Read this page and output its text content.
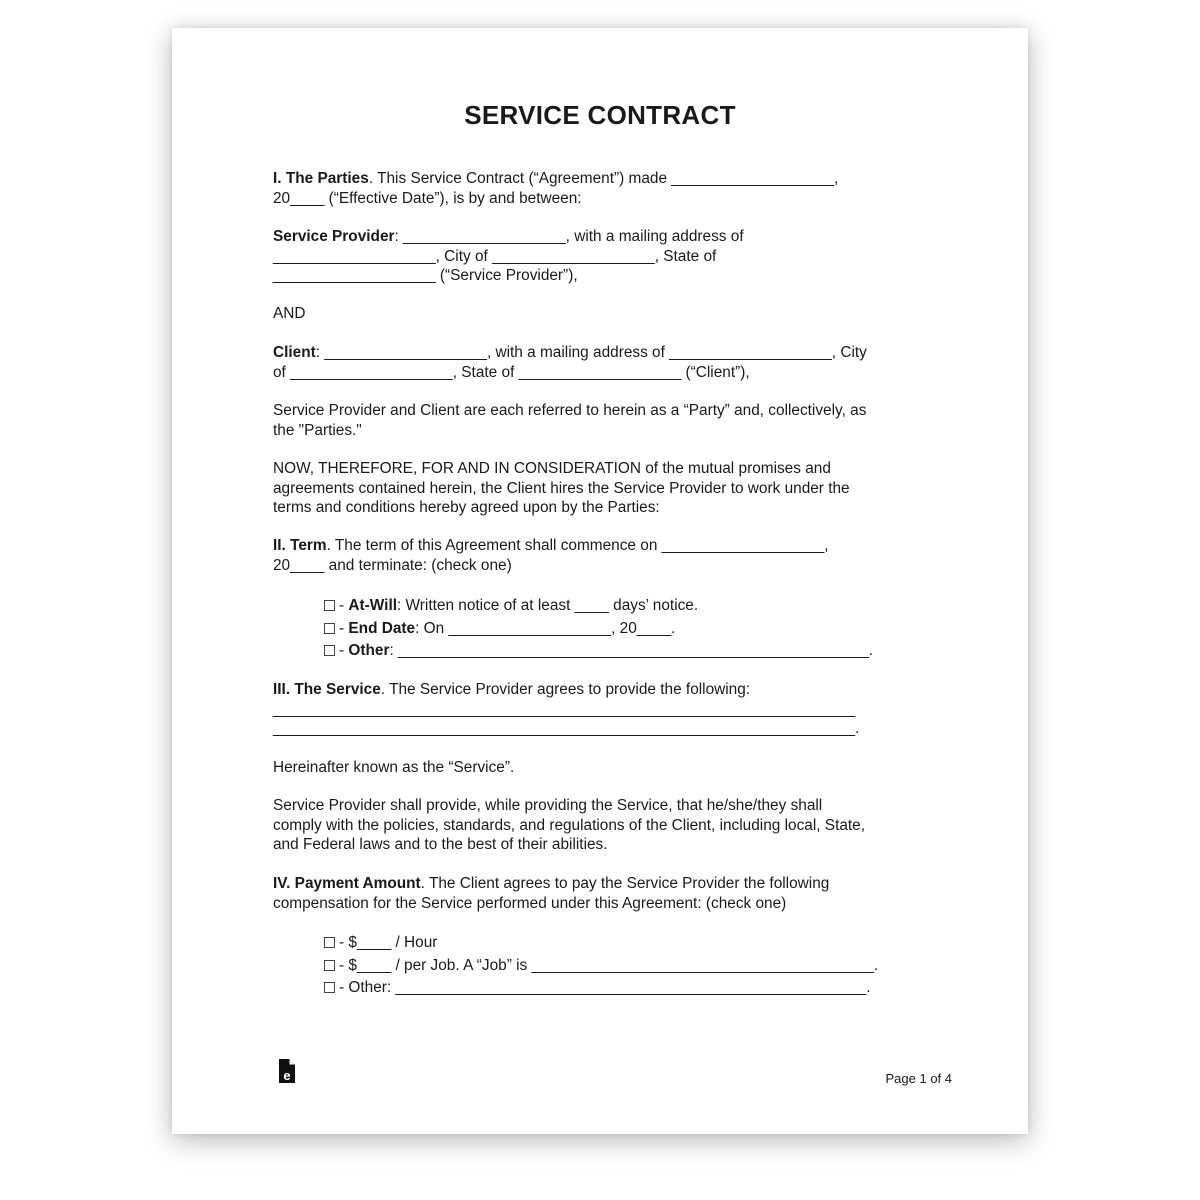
SERVICE CONTRACT

I. The Parties. This Service Contract (“Agreement”) made ___________________,
20____ (“Effective Date”), is by and between:

Service Provider: ___________________, with a mailing address of
___________________, City of ___________________, State of
___________________ (“Service Provider”),

AND

Client: ___________________, with a mailing address of ___________________, City
of ___________________, State of ___________________ (“Client”),

Service Provider and Client are each referred to herein as a “Party” and, collectively, as
the "Parties."

NOW, THEREFORE, FOR AND IN CONSIDERATION of the mutual promises and
agreements contained herein, the Client hires the Service Provider to work under the
terms and conditions hereby agreed upon by the Parties:

II. Term. The term of this Agreement shall commence on ___________________,
20____ and terminate: (check one)

- At-Will: Written notice of at least ____ days’ notice.
- End Date: On ___________________, 20____.
- Other: _______________________________________________________.

III. The Service. The Service Provider agrees to provide the following:
____________________________________________________________________
____________________________________________________________________.

Hereinafter known as the “Service”.

Service Provider shall provide, while providing the Service, that he/she/they shall
comply with the policies, standards, and regulations of the Client, including local, State,
and Federal laws and to the best of their abilities.

IV. Payment Amount. The Client agrees to pay the Service Provider the following
compensation for the Service performed under this Agreement: (check one)

- $____ / Hour
- $____ / per Job. A “Job” is ________________________________________.
- Other: _______________________________________________________.
e	Page 1 of 4
